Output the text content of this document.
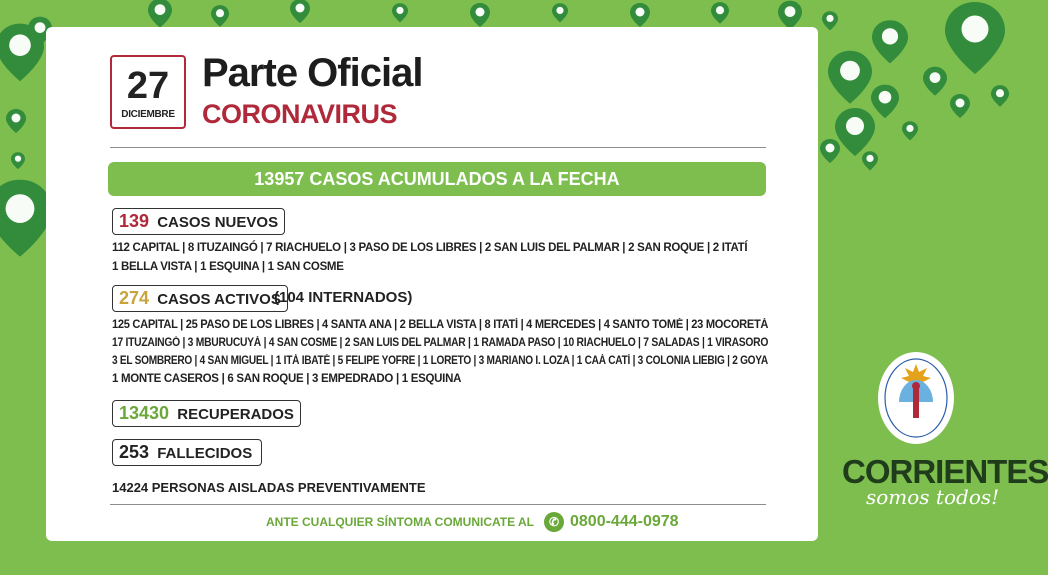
27
DICIEMBRE
Parte Oficial
CORONAVIRUS
13957 CASOS ACUMULADOS A LA FECHA
139 CASOS NUEVOS
112 CAPITAL | 8 ITUZAINGÓ | 7 RIACHUELO | 3 PASO DE LOS LIBRES | 2 SAN LUIS DEL PALMAR | 2 SAN ROQUE | 2 ITATÍ
1 BELLA VISTA | 1 ESQUINA | 1 SAN COSME
274 CASOS ACTIVOS
(104 INTERNADOS)
125 CAPITAL | 25 PASO DE LOS LIBRES | 4 SANTA ANA | 2 BELLA VISTA | 8 ITATÍ | 4 MERCEDES | 4 SANTO TOMÉ | 23 MOCORETÁ
17 ITUZAINGÓ | 3 MBURUCUYÁ | 4 SAN COSME | 2 SAN LUIS DEL PALMAR | 1 RAMADA PASO | 10 RIACHUELO | 7 SALADAS | 1 VIRASORO
3 EL SOMBRERO | 4 SAN MIGUEL | 1 ITÁ IBATÉ | 5 FELIPE YOFRE | 1 LORETO | 3 MARIANO I. LOZA | 1 CAÁ CATÍ | 3 COLONIA LIEBIG | 2 GOYA
1 MONTE CASEROS | 6 SAN ROQUE | 3 EMPEDRADO | 1 ESQUINA
13430 RECUPERADOS
253 FALLECIDOS
14224 PERSONAS AISLADAS PREVENTIVAMENTE
ANTE CUALQUIER SÍNTOMA COMUNICATE AL	✆ 0800-444-0978
CORRIENTES
somos todos!
